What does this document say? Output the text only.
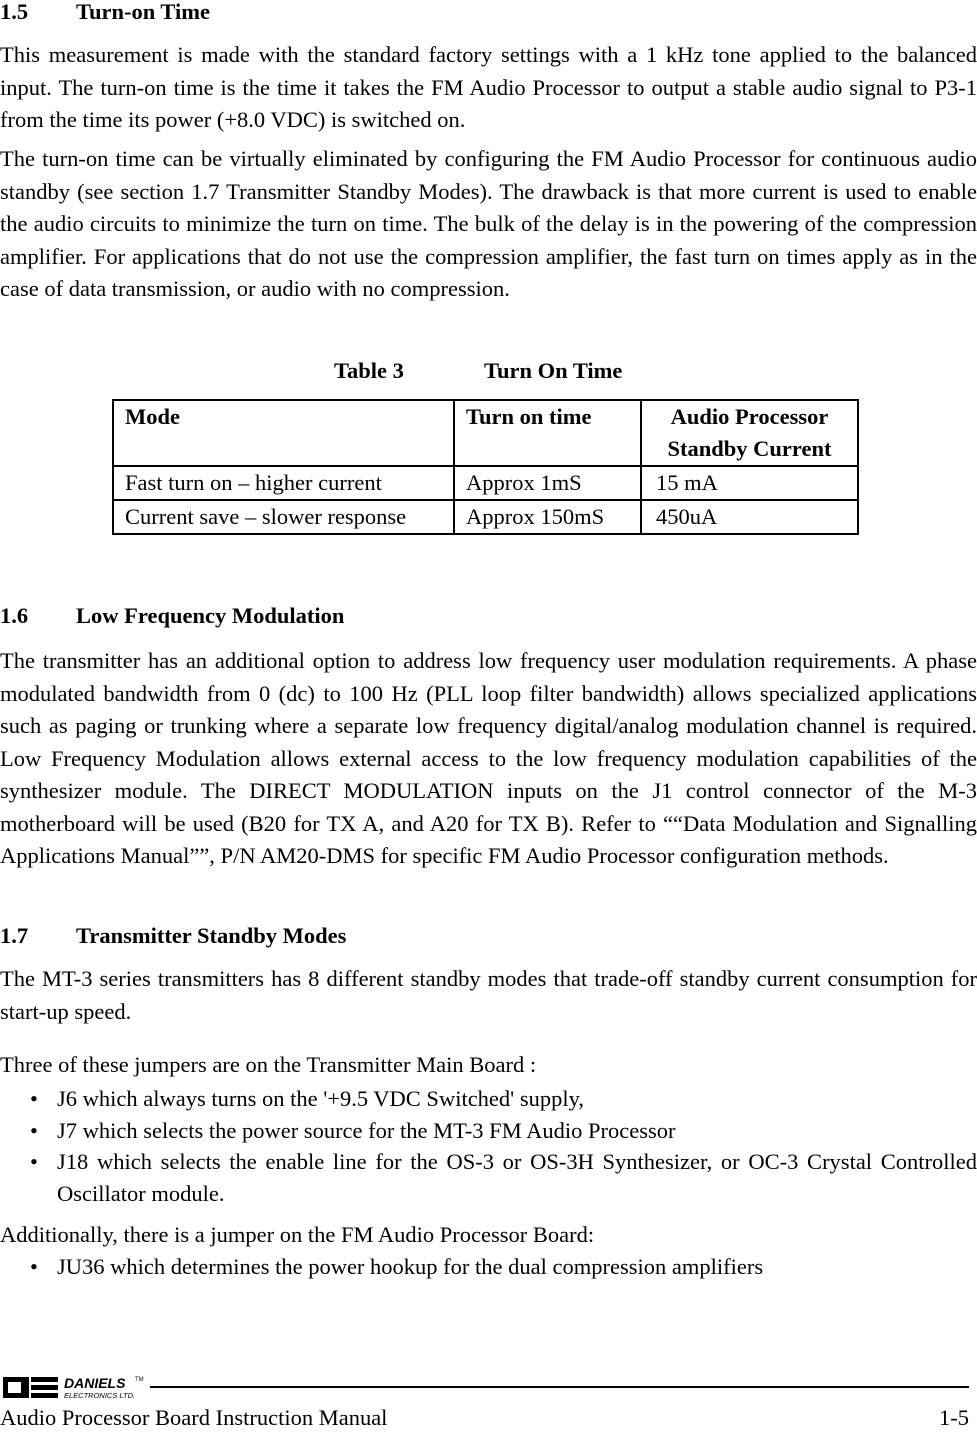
1.5 Turn-on Time

This measurement is made with the standard factory settings with a 1 kHz tone applied to the balanced input. The turn-on time is the time it takes the FM Audio Processor to output a stable audio signal to P3-1 from the time its power (+8.0 VDC) is switched on.

The turn-on time can be virtually eliminated by configuring the FM Audio Processor for continuous audio standby (see section 1.7 Transmitter Standby Modes). The drawback is that more current is used to enable the audio circuits to minimize the turn on time. The bulk of the delay is in the powering of the compression amplifier. For applications that do not use the compression amplifier, the fast turn on times apply as in the case of data transmission, or audio with no compression.

Table 3	Turn On Time
Mode	Turn on time	Audio Processor Standby Current
Fast turn on – higher current	Approx 1mS	15 mA
Current save – slower response	Approx 150mS	450uA
1.6 Low Frequency Modulation

The transmitter has an additional option to address low frequency user modulation requirements. A phase modulated bandwidth from 0 (dc) to 100 Hz (PLL loop filter bandwidth) allows specialized applications such as paging or trunking where a separate low frequency digital/analog modulation channel is required. Low Frequency Modulation allows external access to the low frequency modulation capabilities of the synthesizer module. The DIRECT MODULATION inputs on the J1 control connector of the M-3 motherboard will be used (B20 for TX A, and A20 for TX B). Refer to ““Data Modulation and Signalling Applications Manual””, P/N AM20-DMS for specific FM Audio Processor configuration methods.

1.7 Transmitter Standby Modes

The MT-3 series transmitters has 8 different standby modes that trade-off standby current consumption for start-up speed.

Three of these jumpers are on the Transmitter Main Board :

• J6 which always turns on the '+9.5 VDC Switched' supply,
• J7 which selects the power source for the MT-3 FM Audio Processor
• J18 which selects the enable line for the OS-3 or OS-3H Synthesizer, or OC-3 Crystal Controlled Oscillator module.

Additionally, there is a jumper on the FM Audio Processor Board:

• JU36 which determines the power hookup for the dual compression amplifiers
DANIELS TM
ELECTRONICS LTD.
Audio Processor Board Instruction Manual	1-5
